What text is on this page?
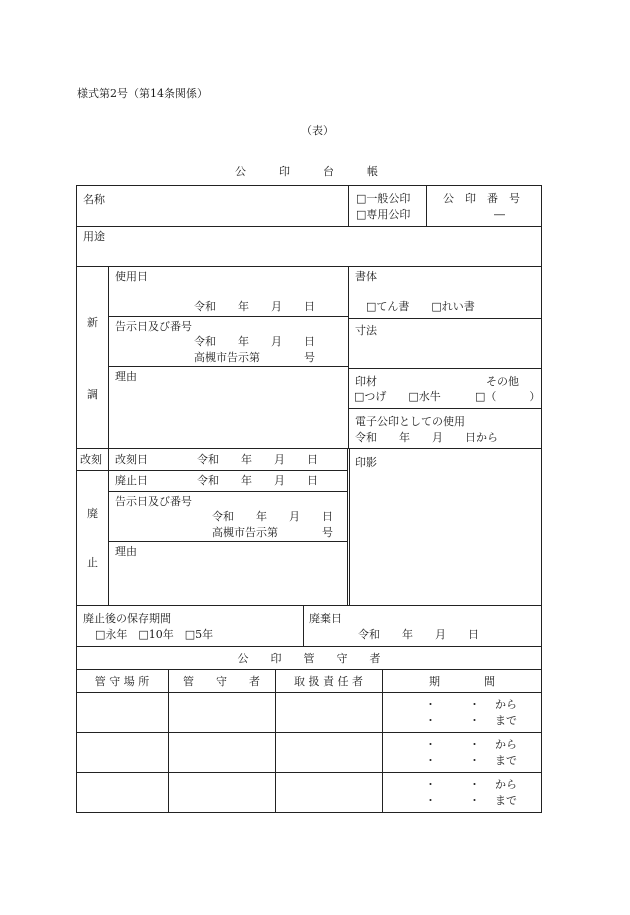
様式第2号（第14条関係）
（表）
公　　　印　　　台　　　帳
名称	□一般公印
□専用公印
公　印　番　号
―
用途
新
調
使用日
令和　　年　　月　　日
告示日及び番号
令和　　年　　月　　日
高槻市告示第　　　　号
理由
書体
□てん書　　□れい書
寸法
印材	その他
□つげ　　□水牛	□（　　　）
電子公印としての使用
令和　　年　　月　　日から
印影
改刻 改刻日	令和　　年　　月　　日
廃
止
廃止日	令和　　年　　月　　日
告示日及び番号
令和　　年　　月　　日
高槻市告示第　　　　号
理由
廃止後の保存期間
□永年　□10年　□5年
廃棄日
令和　　年　　月　　日
公　　印　　管　　守　　者
管 守 場 所	管　　守　　者	取 扱 責 任 者	期　　　　間
・　　　・ から
・　　　・ まで
・　　　・ から
・　　　・ まで
・　　　・ から
・　　　・ まで
